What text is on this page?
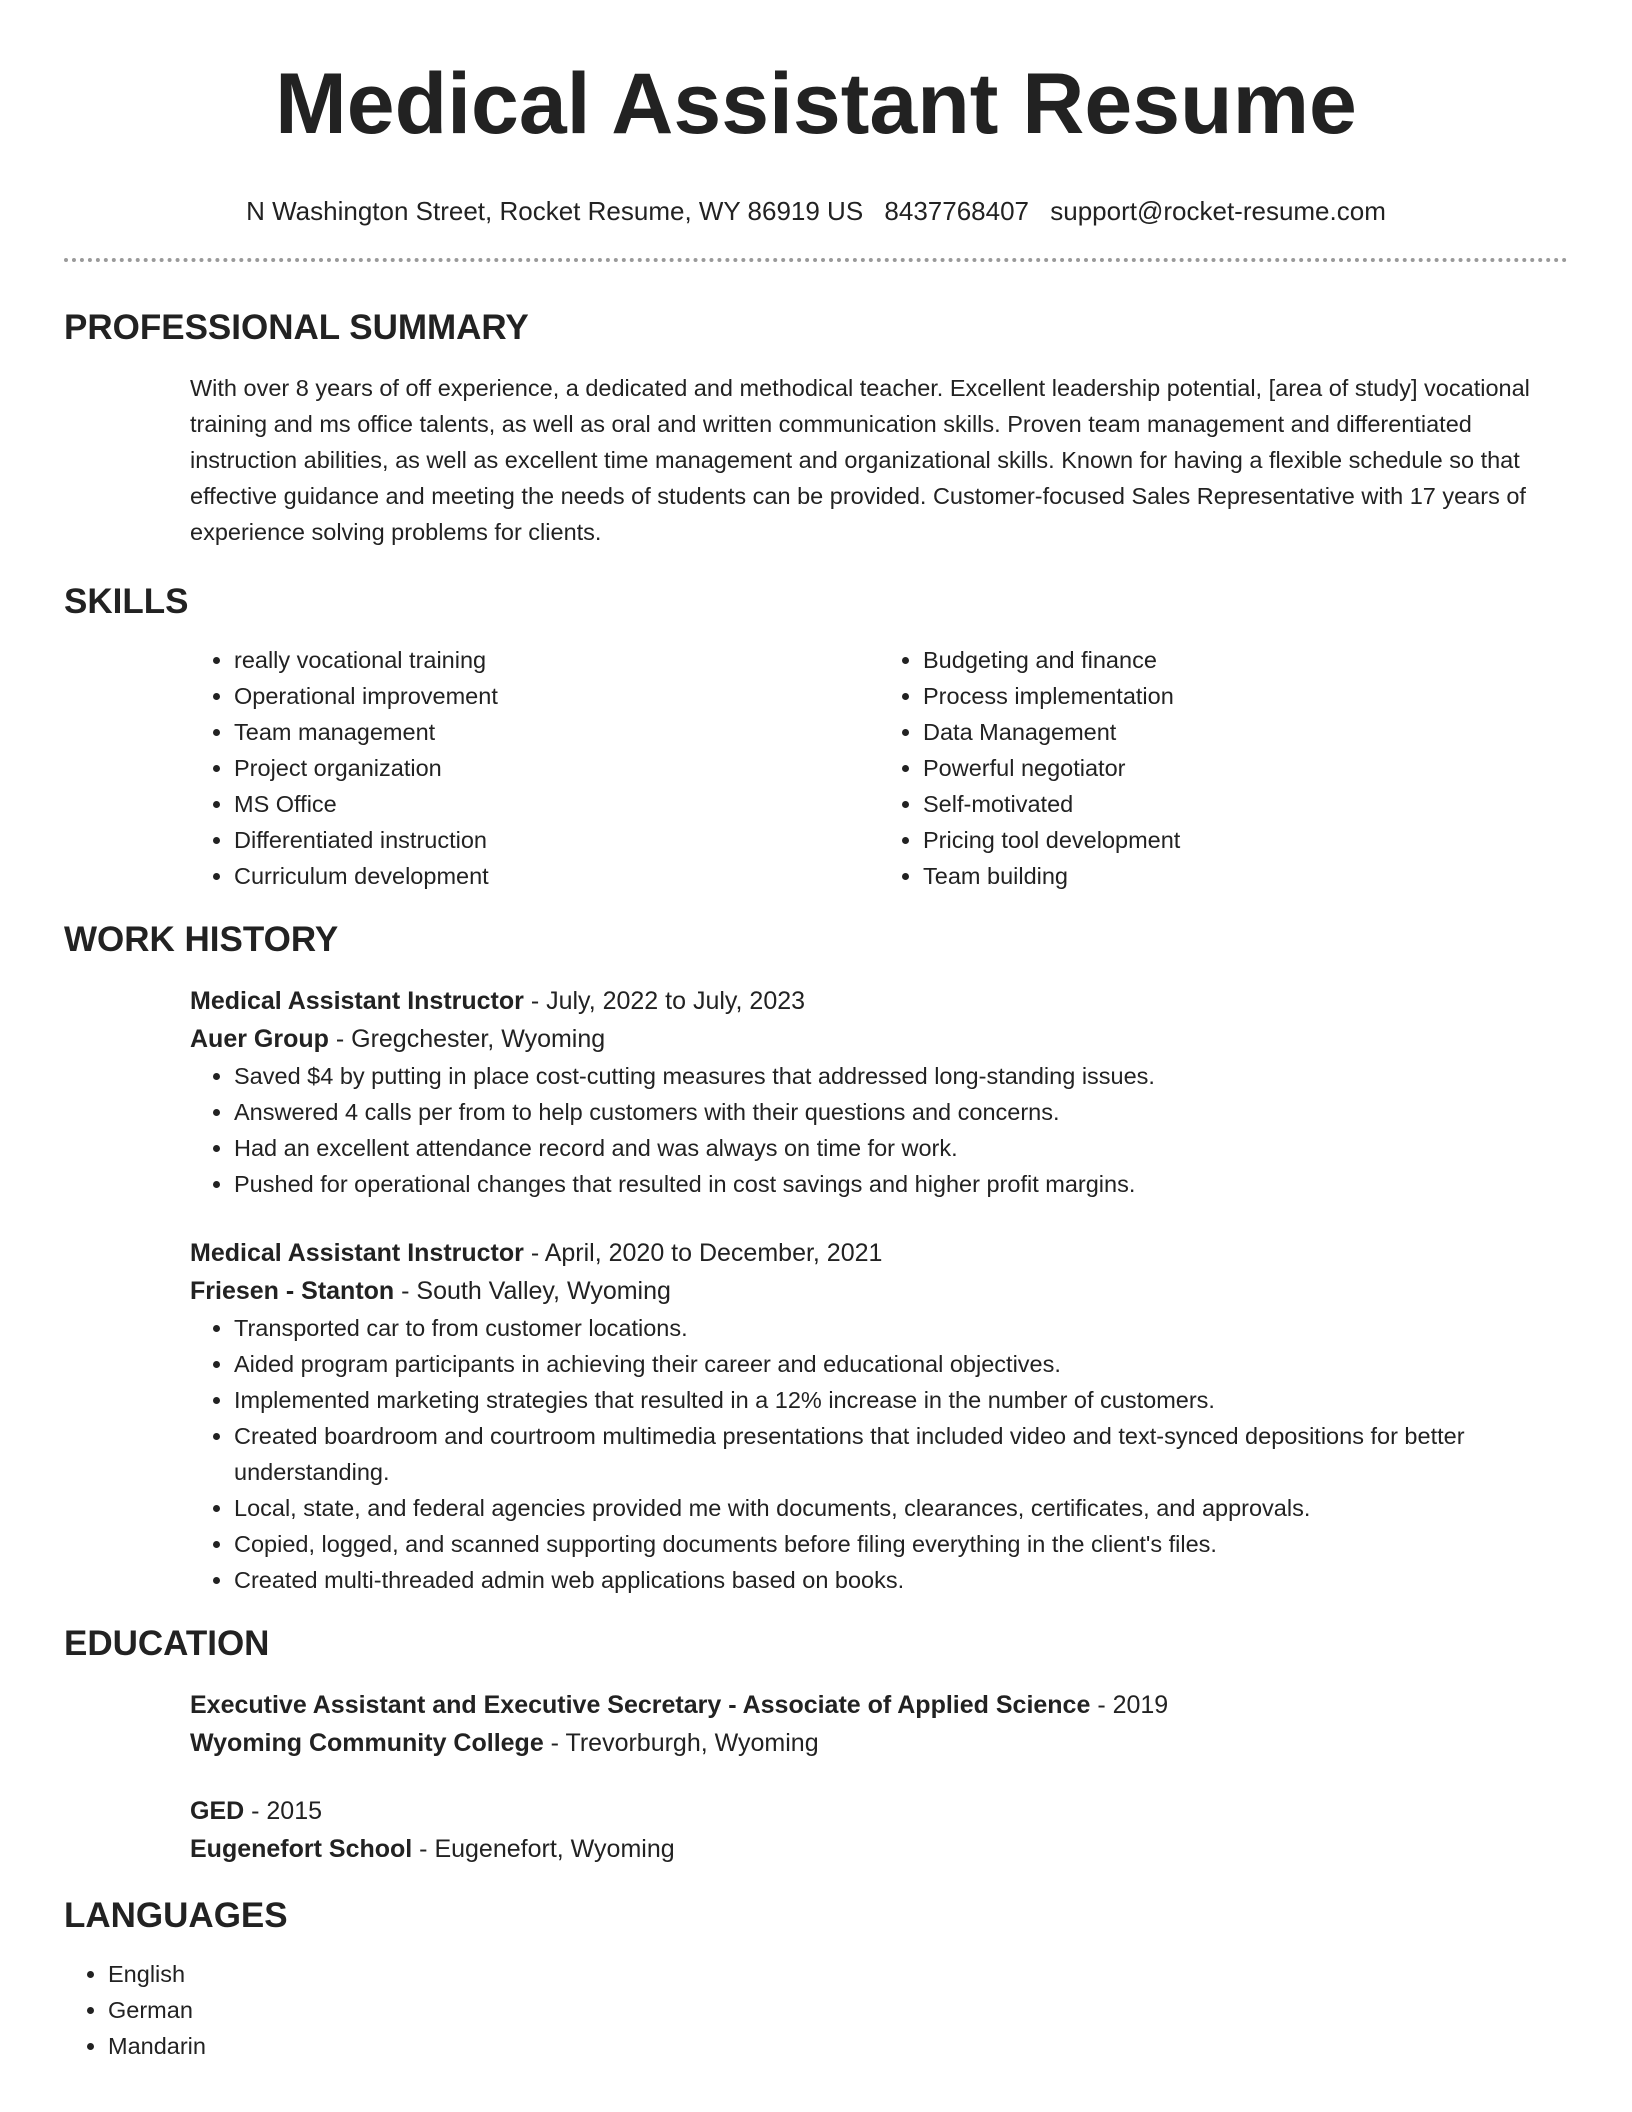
Medical Assistant Resume
N Washington Street, Rocket Resume, WY 86919 US 8437768407 support@rocket-resume.com
PROFESSIONAL SUMMARY

With over 8 years of off experience, a dedicated and methodical teacher. Excellent leadership potential, [area of study] vocational training and ms office talents, as well as oral and written communication skills. Proven team management and differentiated instruction abilities, as well as excellent time management and organizational skills. Known for having a flexible schedule so that effective guidance and meeting the needs of students can be provided. Customer-focused Sales Representative with 17 years of experience solving problems for clients.

SKILLS
• really vocational training
• Operational improvement
• Team management
• Project organization
• MS Office
• Differentiated instruction
• Curriculum development
• Budgeting and finance
• Process implementation
• Data Management
• Powerful negotiator
• Self-motivated
• Pricing tool development
• Team building
WORK HISTORY
Medical Assistant Instructor - July, 2022 to July, 2023
Auer Group - Gregchester, Wyoming
• Saved $4 by putting in place cost-cutting measures that addressed long-standing issues.
• Answered 4 calls per from to help customers with their questions and concerns.
• Had an excellent attendance record and was always on time for work.
• Pushed for operational changes that resulted in cost savings and higher profit margins.
Medical Assistant Instructor - April, 2020 to December, 2021
Friesen - Stanton - South Valley, Wyoming
• Transported car to from customer locations.
• Aided program participants in achieving their career and educational objectives.
• Implemented marketing strategies that resulted in a 12% increase in the number of customers.
• Created boardroom and courtroom multimedia presentations that included video and text-synced depositions for better understanding.
• Local, state, and federal agencies provided me with documents, clearances, certificates, and approvals.
• Copied, logged, and scanned supporting documents before filing everything in the client's files.
• Created multi-threaded admin web applications based on books.
EDUCATION
Executive Assistant and Executive Secretary - Associate of Applied Science - 2019
Wyoming Community College - Trevorburgh, Wyoming
GED - 2015
Eugenefort School - Eugenefort, Wyoming
LANGUAGES
• English
• German
• Mandarin
